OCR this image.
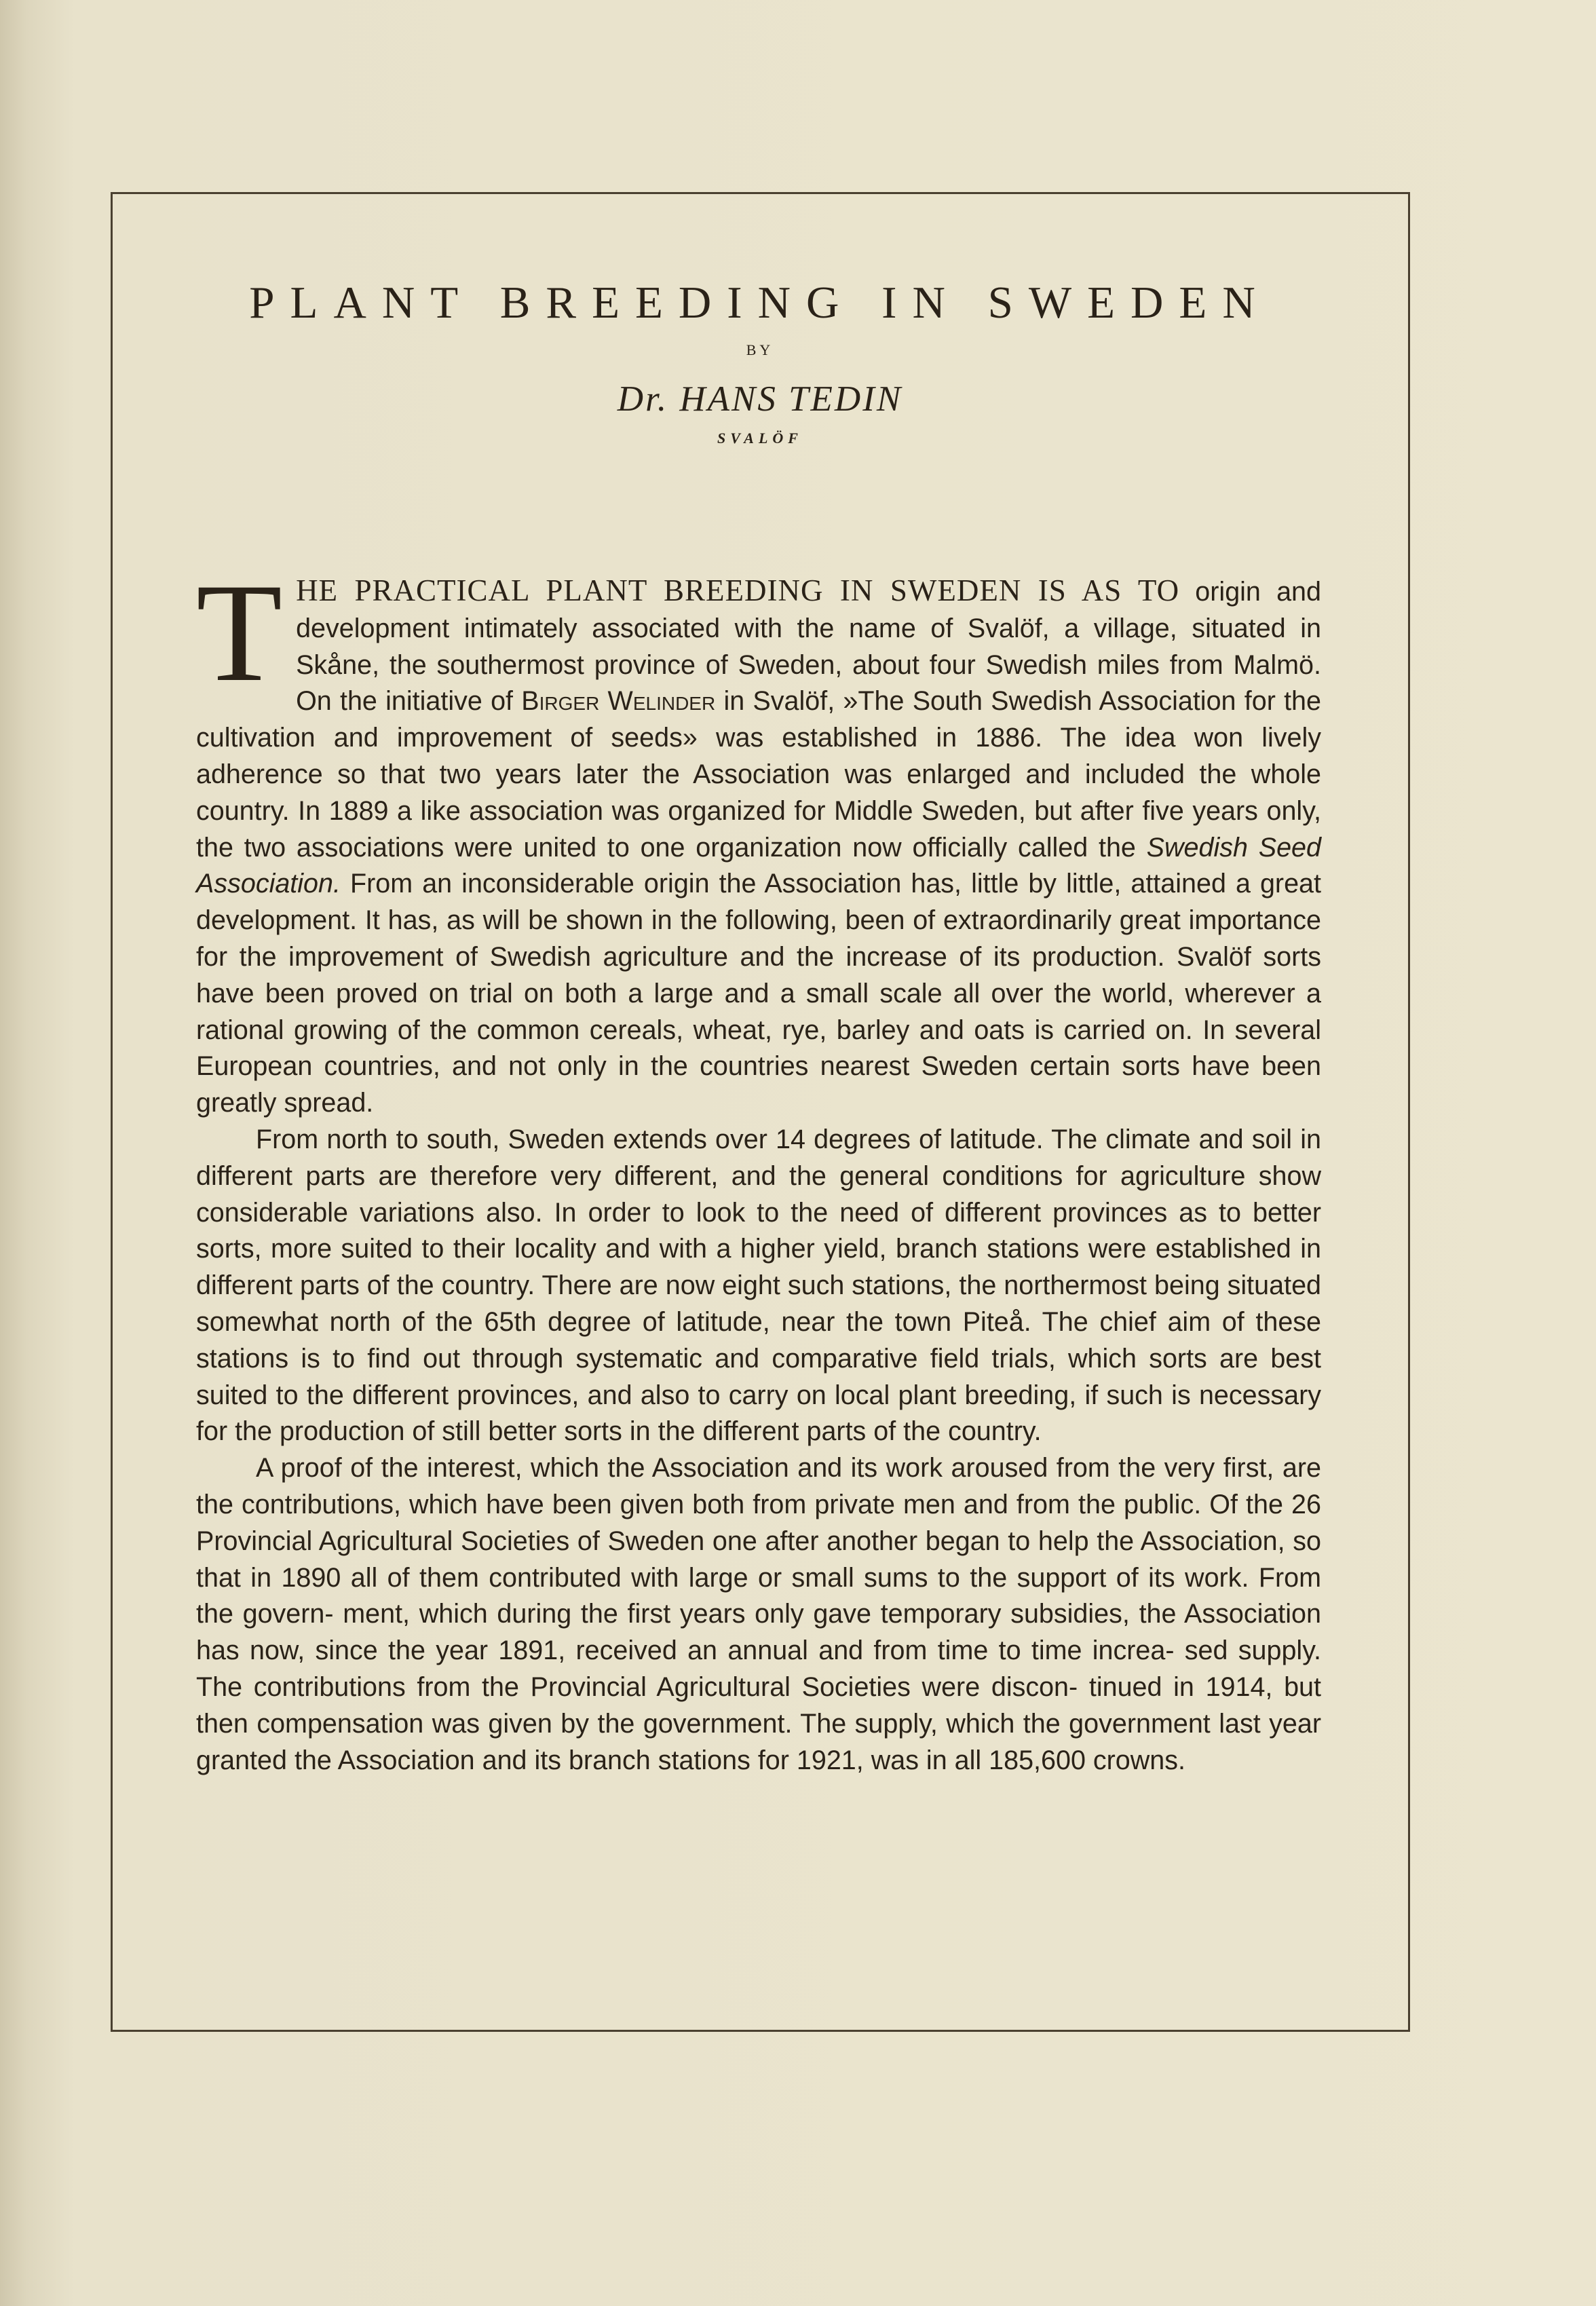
PLANT BREEDING IN SWEDEN
BY
Dr. HANS TEDIN
SVALÖF

THE PRACTICAL PLANT BREEDING IN SWEDEN IS AS TO origin and development intimately associated with the name of Svalöf, a village, situated in Skåne, the southermost province of Sweden, about four Swedish miles from Malmö. On the initiative of Birger Welinder in Svalöf, »The South Swedish Association for the cultivation and improvement of seeds» was established in 1886. The idea won lively adherence so that two years later the Association was enlarged and included the whole country. In 1889 a like association was organized for Middle Sweden, but after five years only, the two associations were united to one organization now officially called the Swedish Seed Association. From an inconsiderable origin the Association has, little by little, attained a great development. It has, as will be shown in the following, been of extraordinarily great importance for the improvement of Swedish agriculture and the increase of its production. Svalöf sorts have been proved on trial on both a large and a small scale all over the world, wherever a rational growing of the common cereals, wheat, rye, barley and oats is carried on. In several European countries, and not only in the countries nearest Sweden certain sorts have been greatly spread.

From north to south, Sweden extends over 14 degrees of latitude. The climate and soil in different parts are therefore very different, and the general conditions for agriculture show considerable variations also. In order to look to the need of different provinces as to better sorts, more suited to their locality and with a higher yield, branch stations were established in different parts of the country. There are now eight such stations, the northermost being situated somewhat north of the 65th degree of latitude, near the town Piteå. The chief aim of these stations is to find out through systematic and comparative field trials, which sorts are best suited to the different provinces, and also to carry on local plant breeding, if such is necessary for the production of still better sorts in the different parts of the country.

A proof of the interest, which the Association and its work aroused from the very first, are the contributions, which have been given both from private men and from the public. Of the 26 Provincial Agricultural Societies of Sweden one after another began to help the Association, so that in 1890 all of them contributed with large or small sums to the support of its work. From the govern- ment, which during the first years only gave temporary subsidies, the Association has now, since the year 1891, received an annual and from time to time increa- sed supply. The contributions from the Provincial Agricultural Societies were discon- tinued in 1914, but then compensation was given by the government. The supply, which the government last year granted the Association and its branch stations for 1921, was in all 185,600 crowns.
